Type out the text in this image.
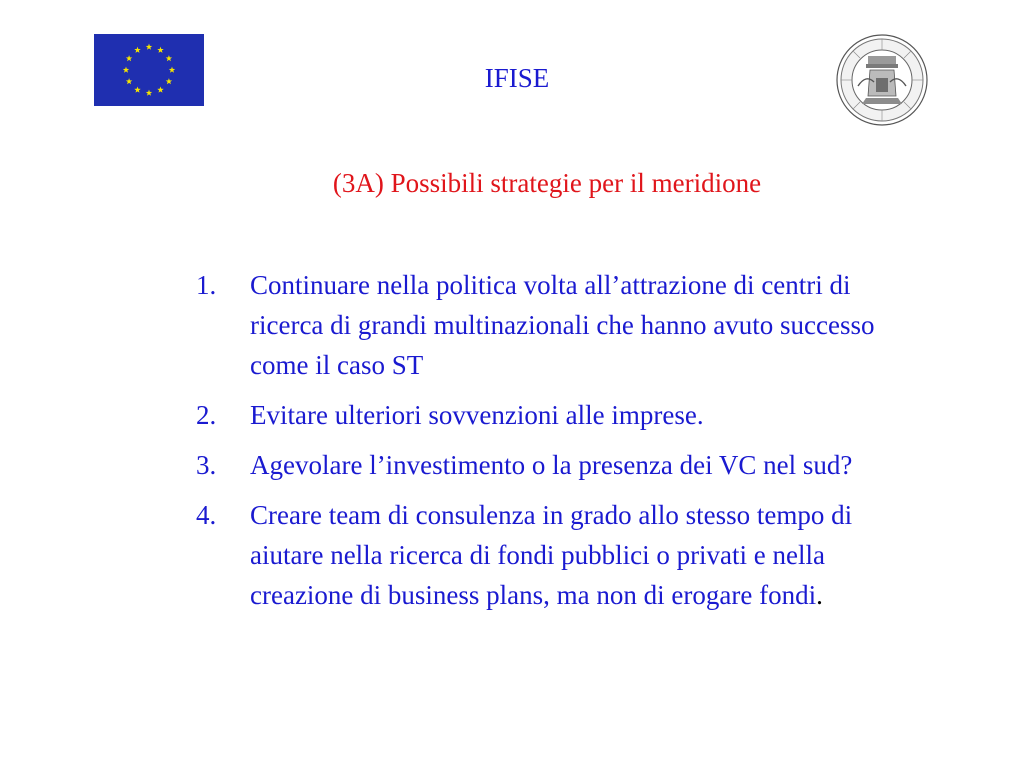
IFISE
(3A) Possibili strategie per il meridione
1.	Continuare nella politica volta all’attrazione di centri di ricerca di grandi multinazionali che hanno avuto successo come il caso ST
2.	Evitare ulteriori sovvenzioni alle imprese.
3.	Agevolare l’investimento o la presenza dei VC nel sud?
4.	Creare team di consulenza in grado allo stesso tempo di aiutare nella ricerca di fondi pubblici o privati e nella creazione di business plans, ma non di erogare fondi.
